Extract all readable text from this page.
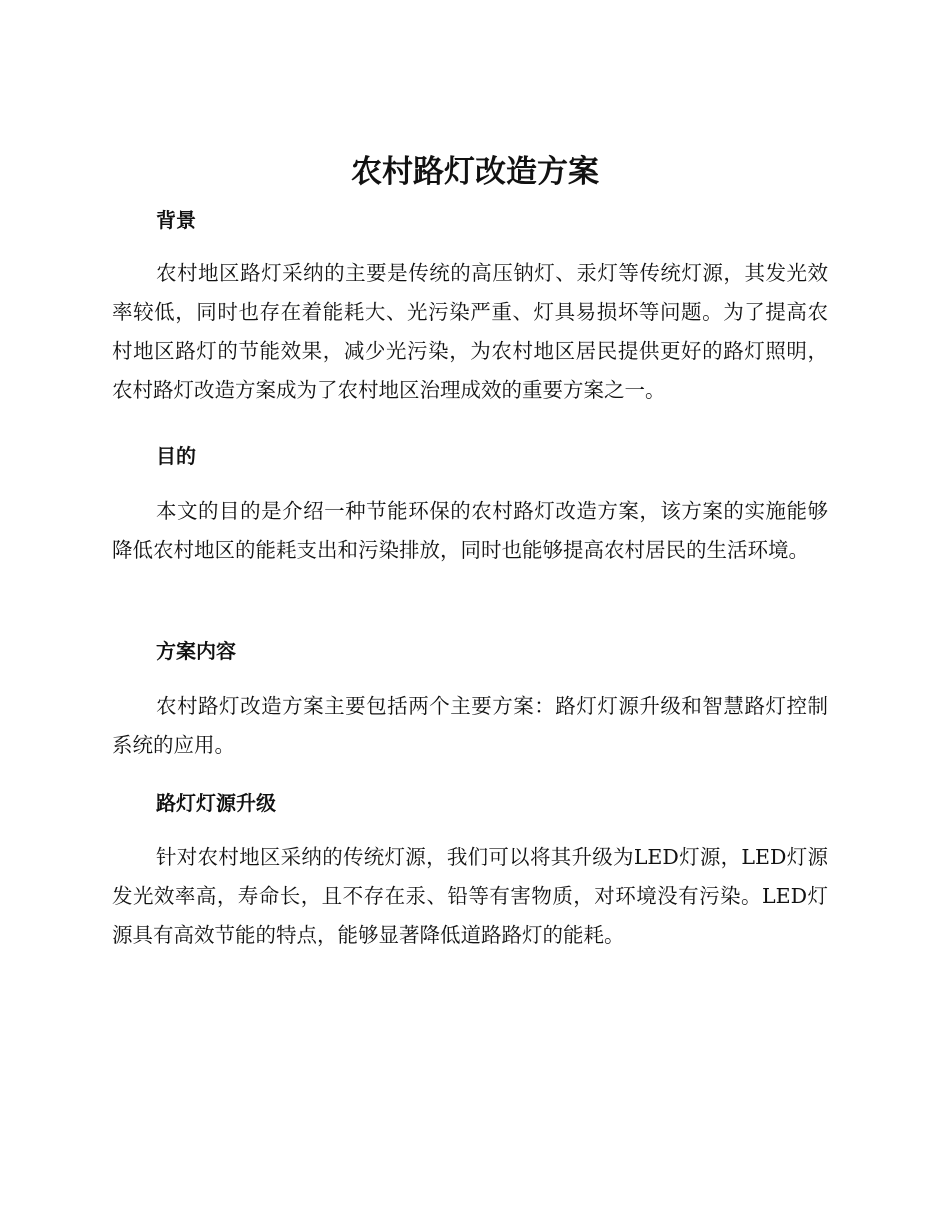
农村路灯改造方案
背景

农村地区路灯采纳的主要是传统的高压钠灯、汞灯等传统灯源，其发光效率较低，同时也存在着能耗大、光污染严重、灯具易损坏等问题。为了提高农村地区路灯的节能效果，减少光污染，为农村地区居民提供更好的路灯照明，农村路灯改造方案成为了农村地区治理成效的重要方案之一。

目的

本文的目的是介绍一种节能环保的农村路灯改造方案，该方案的实施能够降低农村地区的能耗支出和污染排放，同时也能够提高农村居民的生活环境。

方案内容

农村路灯改造方案主要包括两个主要方案：路灯灯源升级和智慧路灯控制系统的应用。

路灯灯源升级

针对农村地区采纳的传统灯源，我们可以将其升级为LED灯源，LED灯源发光效率高，寿命长，且不存在汞、铅等有害物质，对环境没有污染。LED灯源具有高效节能的特点，能够显著降低道路路灯的能耗。
